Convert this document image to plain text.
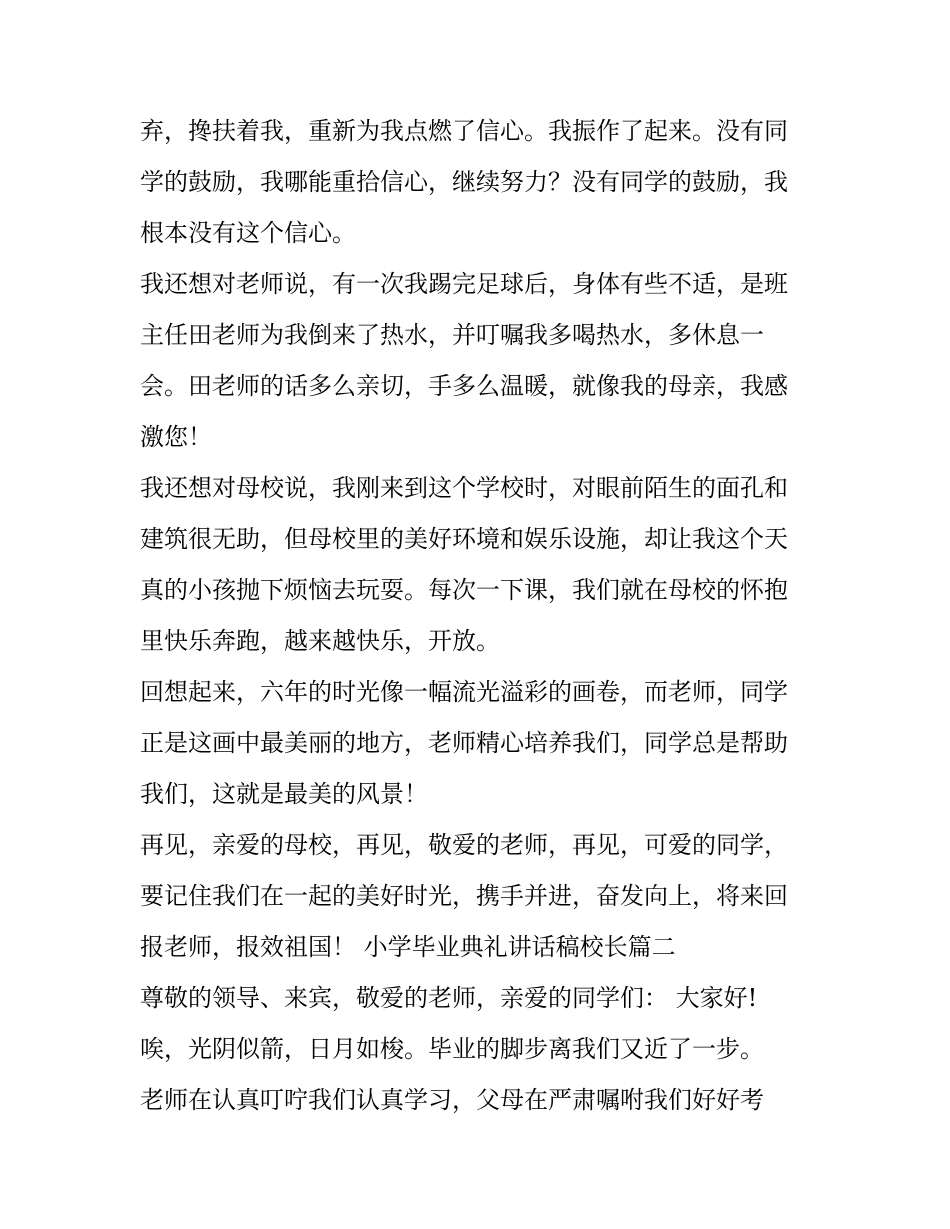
弃，搀扶着我，重新为我点燃了信心。我振作了起来。没有同
学的鼓励，我哪能重拾信心，继续努力？没有同学的鼓励，我
根本没有这个信心。
我还想对老师说，有一次我踢完足球后，身体有些不适，是班
主任田老师为我倒来了热水，并叮嘱我多喝热水，多休息一
会。田老师的话多么亲切，手多么温暖，就像我的母亲，我感
激您！
我还想对母校说，我刚来到这个学校时，对眼前陌生的面孔和
建筑很无助，但母校里的美好环境和娱乐设施，却让我这个天
真的小孩抛下烦恼去玩耍。每次一下课，我们就在母校的怀抱
里快乐奔跑，越来越快乐，开放。
回想起来，六年的时光像一幅流光溢彩的画卷，而老师，同学
正是这画中最美丽的地方，老师精心培养我们，同学总是帮助
我们，这就是最美的风景！
再见，亲爱的母校，再见，敬爱的老师，再见，可爱的同学，
要记住我们在一起的美好时光，携手并进，奋发向上，将来回
报老师，报效祖国！ 小学毕业典礼讲话稿校长篇二
尊敬的领导、来宾，敬爱的老师，亲爱的同学们： 大家好!
唉，光阴似箭，日月如梭。毕业的脚步离我们又近了一步。
老师在认真叮咛我们认真学习，父母在严肃嘱咐我们好好考
